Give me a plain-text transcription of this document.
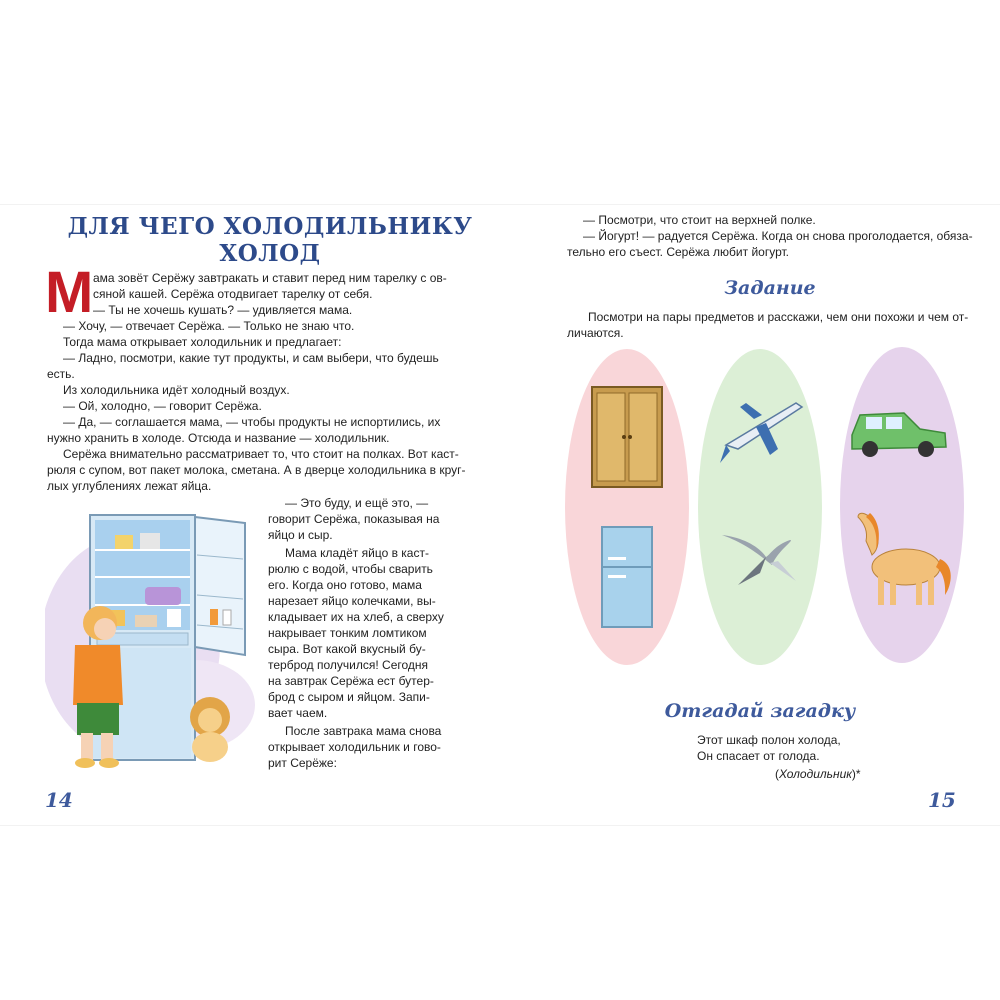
ДЛЯ ЧЕГО ХОЛОДИЛЬНИКУ
ХОЛОД
М ама зовёт Серёжу завтракать и ставит перед ним тарелку с ов-
сяной кашей. Серёжа отодвигает тарелку от себя.
— Ты не хочешь кушать? — удивляется мама.
— Хочу, — отвечает Серёжа. — Только не знаю что.
Тогда мама открывает холодильник и предлагает:
— Ладно, посмотри, какие тут продукты, и сам выбери, что будешь
есть.
Из холодильника идёт холодный воздух.
— Ой, холодно, — говорит Серёжа.
— Да, — соглашается мама, — чтобы продукты не испортились, их
нужно хранить в холоде. Отсюда и название — холодильник.
Серёжа внимательно рассматривает то, что стоит на полках. Вот каст-
рюля с супом, вот пакет молока, сметана. А в дверце холодильника в круг-
лых углублениях лежат яйца.
— Это буду, и ещё это, —
говорит Серёжа, показывая на
яйцо и сыр.
Мама кладёт яйцо в каст-
рюлю с водой, чтобы сварить
его. Когда оно готово, мама
нарезает яйцо колечками, вы-
кладывает их на хлеб, а сверху
накрывает тонким ломтиком
сыра. Вот какой вкусный бу-
терброд получился! Сегодня
на завтрак Серёжа ест бутер-
брод с сыром и яйцом. Запи-
вает чаем.
После завтрака мама снова
открывает холодильник и гово-
рит Серёже:
14
— Посмотри, что стоит на верхней полке.
— Йогурт! — радуется Серёжа. Когда он снова проголодается, обяза-
тельно его съест. Серёжа любит йогурт.
Задание
Посмотри на пары предметов и расскажи, чем они похожи и чем от-
личаются.
Отгадай загадку
Этот шкаф полон холода,
Он спасает от голода.
(Холодильник)*
15
